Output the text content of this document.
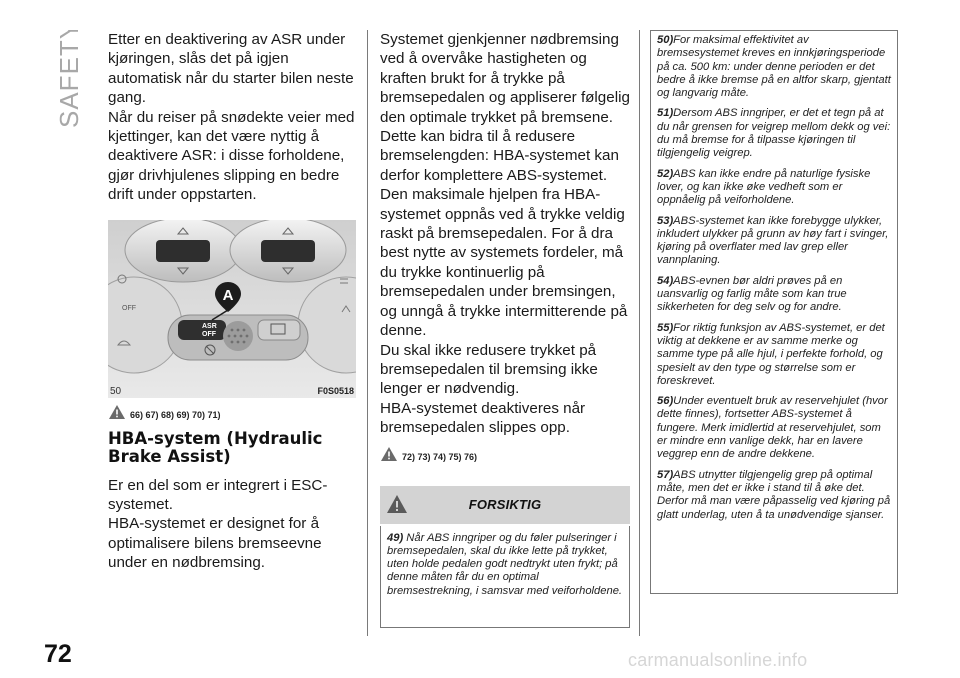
SAFETY Etter en deaktivering av ASR under kjøringen, slås det på igjen automatisk når du starter bilen neste gang.

Når du reiser på snødekte veier med kjettinger, kan det være nyttig å deaktivere ASR: i disse forholdene, gjør drivhjulenes slipping en bedre drift under oppstarten.

A
ASR
OFF
OFF
50	F0S0518
66) 67) 68) 69) 70) 71)
HBA-system (Hydraulic
Brake Assist)

Er en del som er integrert i ESC-systemet.

HBA-systemet er designet for å optimalisere bilens bremseevne under en nødbremsing.

Systemet gjenkjenner nødbremsing ved å overvåke hastigheten og kraften brukt for å trykke på bremsepedalen og appliserer følgelig den optimale trykket på bremsene. Dette kan bidra til å redusere bremselengden: HBA-systemet kan derfor komplettere ABS-systemet.

Den maksimale hjelpen fra HBA-systemet oppnås ved å trykke veldig raskt på bremsepedalen. For å dra best nytte av systemets fordeler, må du trykke kontinuerlig på bremsepedalen under bremsingen, og unngå å trykke intermitterende på denne.

Du skal ikke redusere trykket på bremsepedalen til bremsing ikke lenger er nødvendig.

HBA-systemet deaktiveres når bremsepedalen slippes opp.

72) 73) 74) 75) 76)
FORSIKTIG

49) Når ABS inngriper og du føler pulseringer i bremsepedalen, skal du ikke lette på trykket, uten holde pedalen godt nedtrykt uten frykt; på denne måten får du en optimal bremsestrekning, i samsvar med veiforholdene.

50)For maksimal effektivitet av bremsesystemet kreves en innkjøringsperiode på ca. 500 km: under denne perioden er det bedre å ikke bremse på en altfor skarp, gjentatt og langvarig måte.

51)Dersom ABS inngriper, er det et tegn på at du når grensen for veigrep mellom dekk og vei: du må bremse for å tilpasse kjøringen til tilgjengelig veigrep.

52)ABS kan ikke endre på naturlige fysiske lover, og kan ikke øke vedheft som er oppnåelig på veiforholdene.

53)ABS-systemet kan ikke forebygge ulykker, inkludert ulykker på grunn av høy fart i svinger, kjøring på overflater med lav grep eller vannplaning.

54)ABS-evnen bør aldri prøves på en uansvarlig og farlig måte som kan true sikkerheten for deg selv og for andre.

55)For riktig funksjon av ABS-systemet, er det viktig at dekkene er av samme merke og samme type på alle hjul, i perfekte forhold, og spesielt av den type og størrelse som er foreskrevet.

56)Under eventuelt bruk av reservehjulet (hvor dette finnes), fortsetter ABS-systemet å fungere. Merk imidlertid at reservehjulet, som er mindre enn vanlige dekk, har en lavere veggrep enn de andre dekkene.

57)ABS utnytter tilgjengelig grep på optimal måte, men det er ikke i stand til å øke det. Derfor må man være påpasselig ved kjøring på glatt underlag, uten å ta unødvendige sjanser.

72	carmanualsonline.info
